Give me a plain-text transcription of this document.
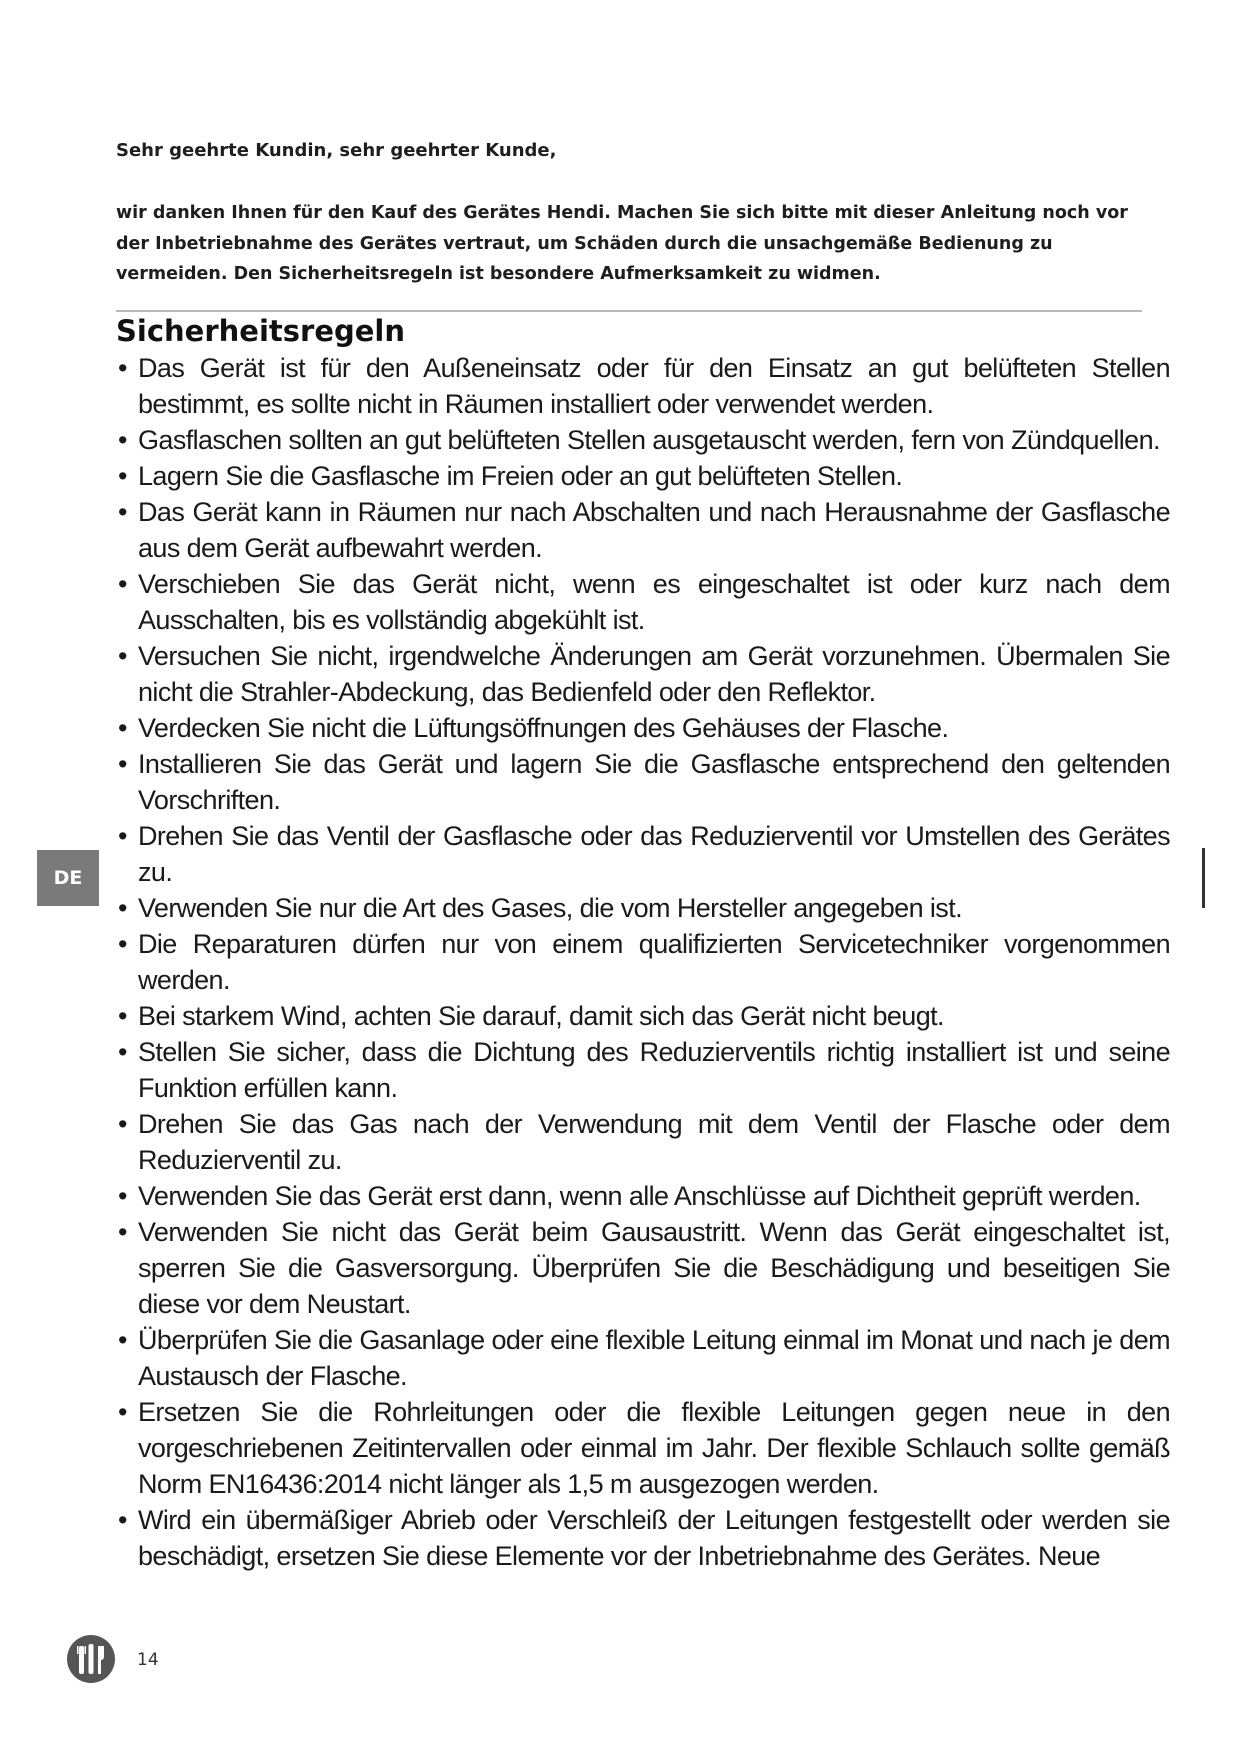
Sehr geehrte Kundin, sehr geehrter Kunde,
wir danken Ihnen für den Kauf des Gerätes Hendi. Machen Sie sich bitte mit dieser Anleitung noch vor der Inbetriebnahme des Gerätes vertraut, um Schäden durch die unsachgemäße Bedienung zu vermeiden. Den Sicherheitsregeln ist besondere Aufmerksamkeit zu widmen.
Sicherheitsregeln
• Das Gerät ist für den Außeneinsatz oder für den Einsatz an gut belüfteten Stellen bestimmt, es sollte nicht in Räumen installiert oder verwendet werden.
• Gasflaschen sollten an gut belüfteten Stellen ausgetauscht werden, fern von Zündquellen.
• Lagern Sie die Gasflasche im Freien oder an gut belüfteten Stellen.
• Das Gerät kann in Räumen nur nach Abschalten und nach Herausnahme der Gasflasche aus dem Gerät aufbewahrt werden.
• Verschieben Sie das Gerät nicht, wenn es eingeschaltet ist oder kurz nach dem Ausschalten, bis es vollständig abgekühlt ist.
• Versuchen Sie nicht, irgendwelche Änderungen am Gerät vorzunehmen. Übermalen Sie nicht die Strahler-Abdeckung, das Bedienfeld oder den Reflektor.
• Verdecken Sie nicht die Lüftungsöffnungen des Gehäuses der Flasche.
• Installieren Sie das Gerät und lagern Sie die Gasflasche entsprechend den geltenden Vorschriften.
• Drehen Sie das Ventil der Gasflasche oder das Reduzierventil vor Umstellen des Gerätes zu.
• Verwenden Sie nur die Art des Gases, die vom Hersteller angegeben ist.
• Die Reparaturen dürfen nur von einem qualifizierten Servicetechniker vorgenommen werden.
• Bei starkem Wind, achten Sie darauf, damit sich das Gerät nicht beugt.
• Stellen Sie sicher, dass die Dichtung des Reduzierventils richtig installiert ist und seine Funktion erfüllen kann.
• Drehen Sie das Gas nach der Verwendung mit dem Ventil der Flasche oder dem Reduzierventil zu.
• Verwenden Sie das Gerät erst dann, wenn alle Anschlüsse auf Dichtheit geprüft werden.
• Verwenden Sie nicht das Gerät beim Gausaustritt. Wenn das Gerät eingeschaltet ist, sperren Sie die Gasversorgung. Überprüfen Sie die Beschädigung und beseitigen Sie diese vor dem Neustart.
• Überprüfen Sie die Gasanlage oder eine flexible Leitung einmal im Monat und nach je dem Austausch der Flasche.
• Ersetzen Sie die Rohrleitungen oder die flexible Leitungen gegen neue in den vorgeschriebenen Zeitintervallen oder einmal im Jahr. Der flexible Schlauch sollte gemäß Norm EN16436:2014 nicht länger als 1,5 m ausgezogen werden.
• Wird ein übermäßiger Abrieb oder Verschleiß der Leitungen festgestellt oder werden sie beschädigt, ersetzen Sie diese Elemente vor der Inbetriebnahme des Gerätes. Neue
DE
14
